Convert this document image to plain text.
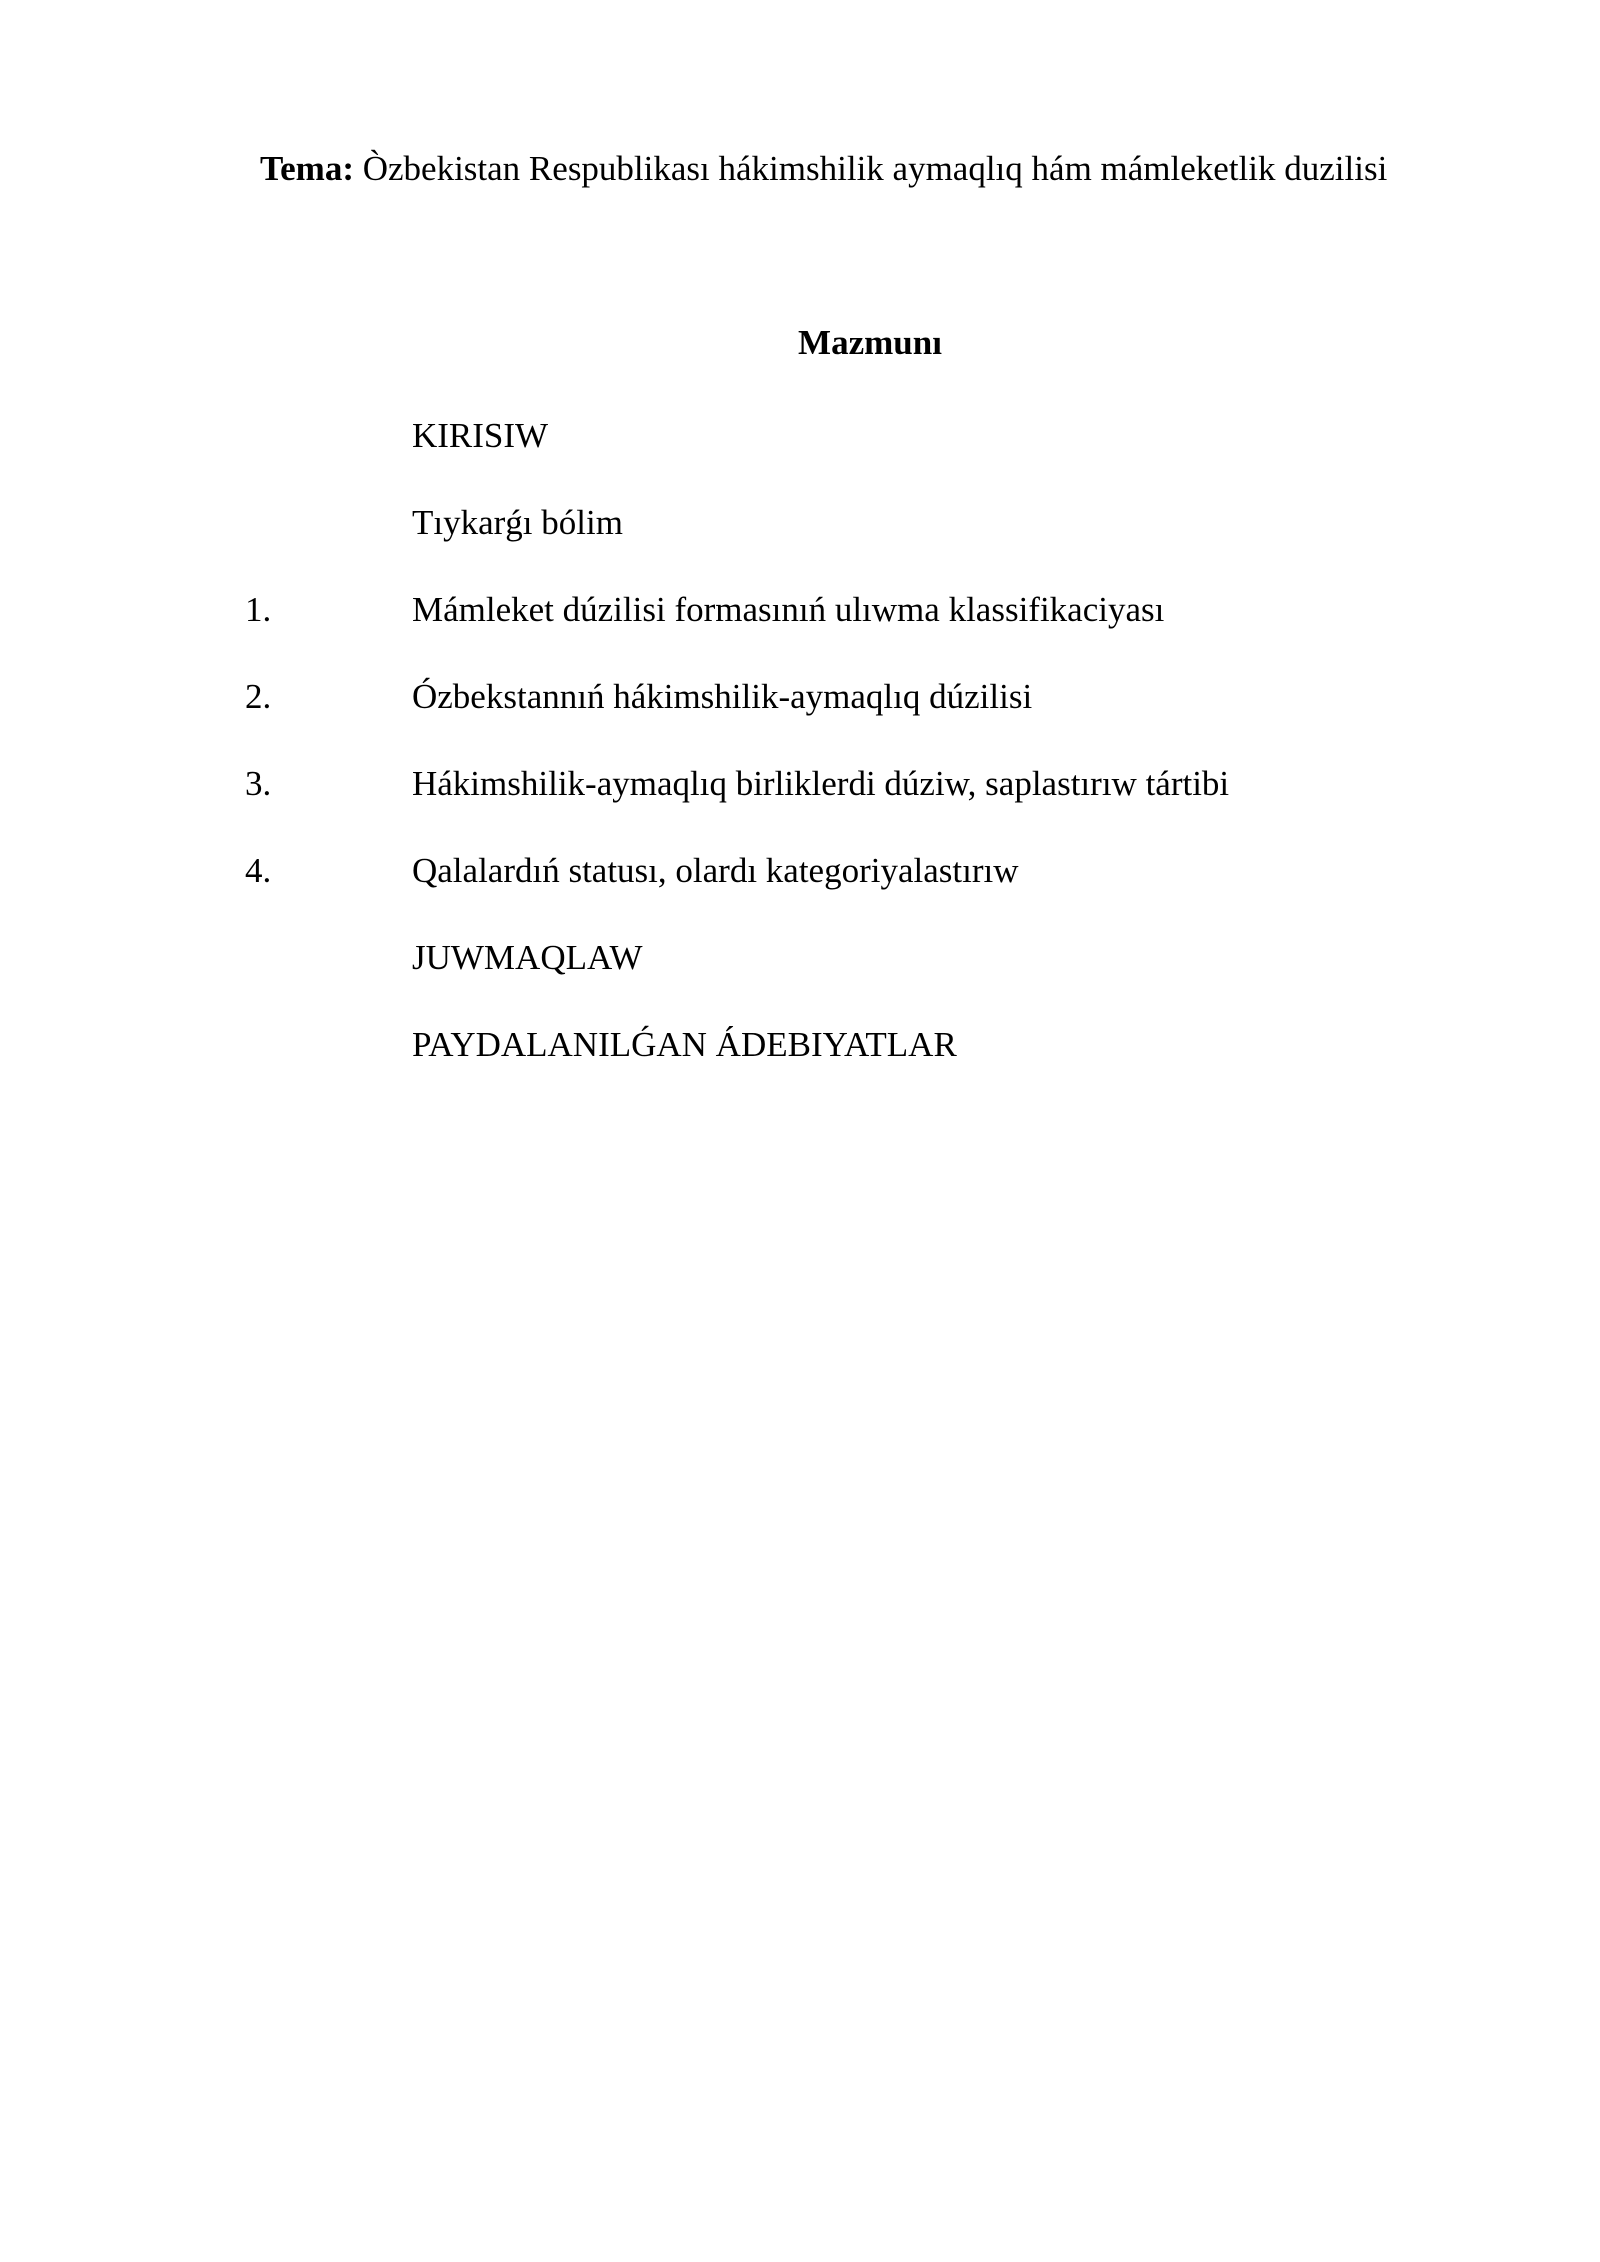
Tema: Òzbekistan Respublikası hákimshilik aymaqlıq hám mámleketlik duzilisi
Mazmunı
KIRISIW
Tıykarǵı bólim
1.	Mámleket dúzilisi formasınıń ulıwma klassifikaciyası
2.	Ózbekstannıń hákimshilik-aymaqlıq dúzilisi
3.	Hákimshilik-aymaqlıq birliklerdi dúziw, saplastırıw tártibi
4.	Qalalardıń statusı, olardı kategoriyalastırıw
JUWMAQLAW
PAYDALANILǴAN ÁDEBIYATLAR
